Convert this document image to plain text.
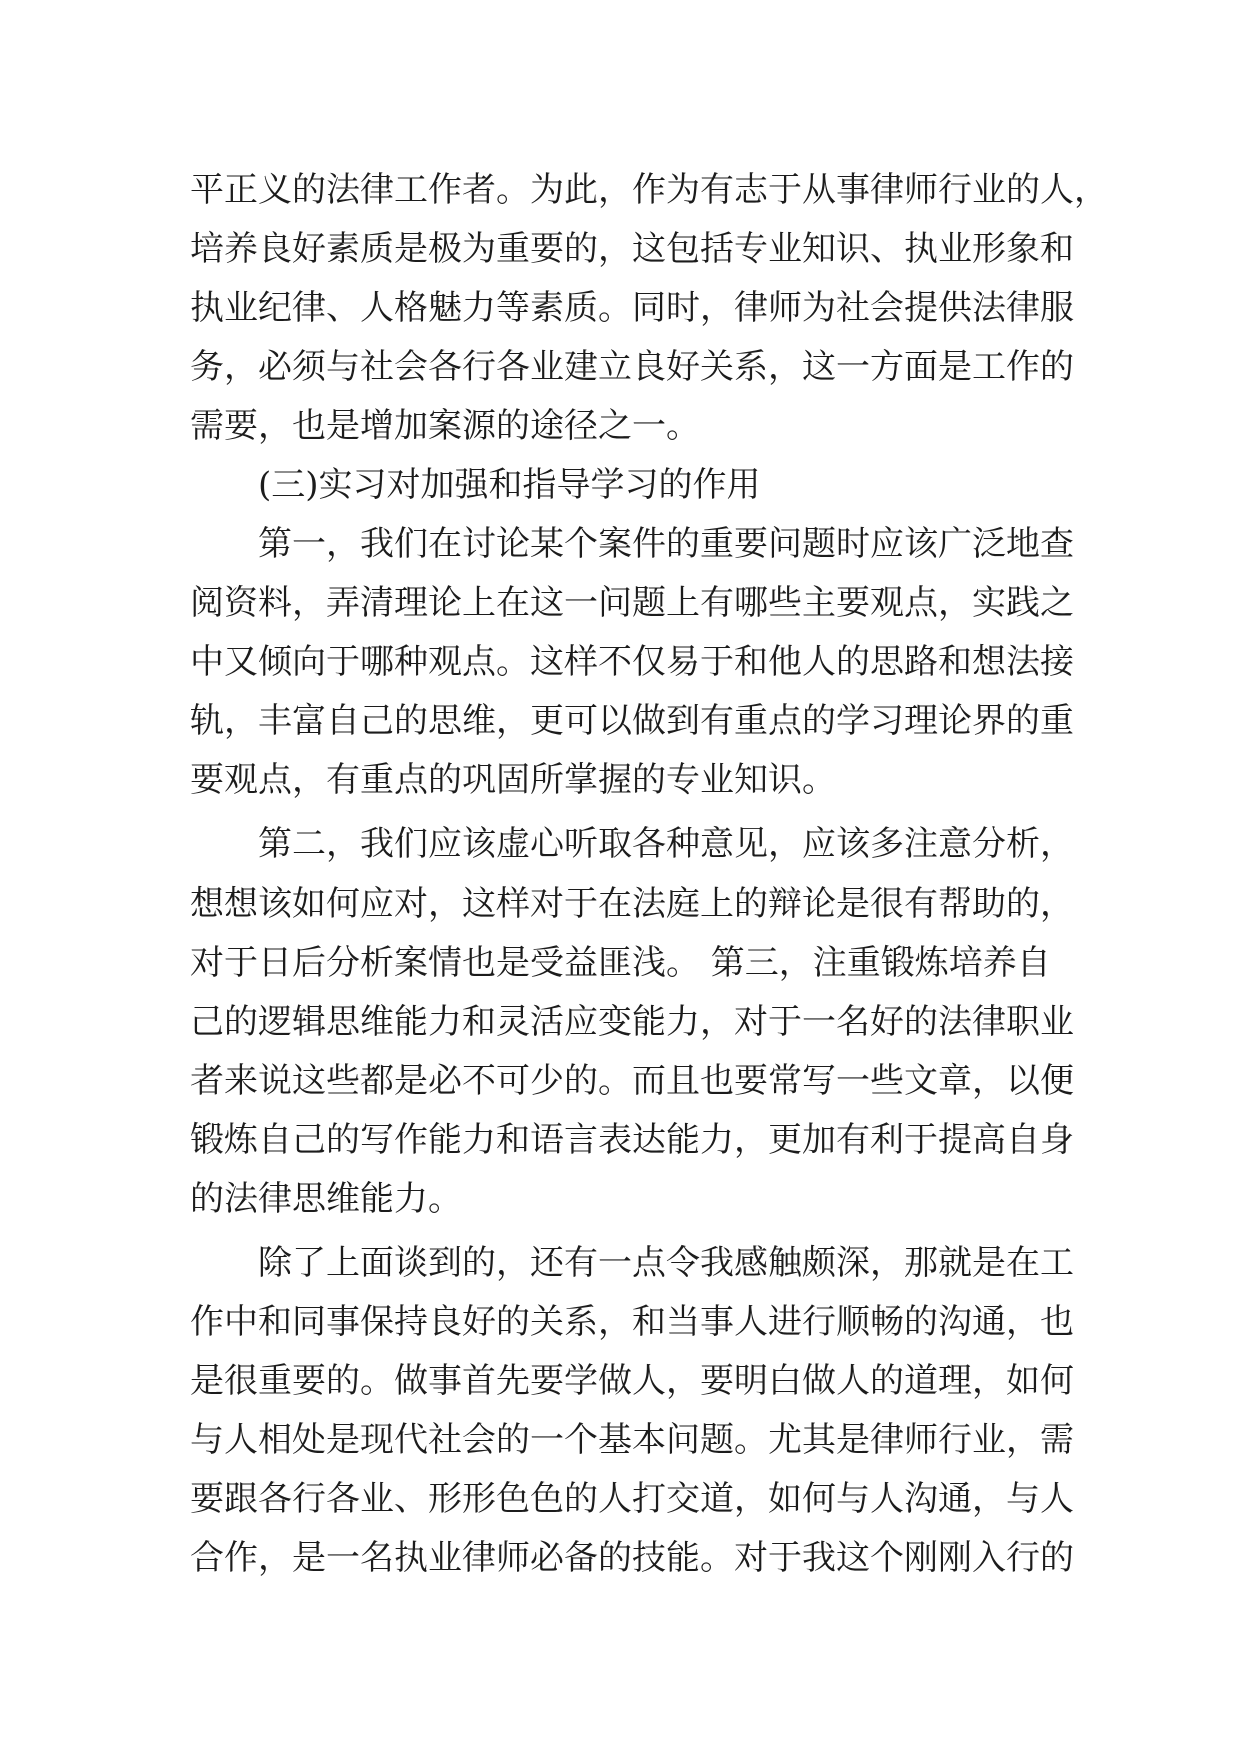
平正义的法律工作者。为此，作为有志于从事律师行业的人，
培养良好素质是极为重要的，这包括专业知识、执业形象和
执业纪律、人格魅力等素质。同时，律师为社会提供法律服
务，必须与社会各行各业建立良好关系，这一方面是工作的
需要，也是增加案源的途径之一。
(三)实习对加强和指导学习的作用
第一，我们在讨论某个案件的重要问题时应该广泛地查
阅资料，弄清理论上在这一问题上有哪些主要观点，实践之
中又倾向于哪种观点。这样不仅易于和他人的思路和想法接
轨，丰富自己的思维，更可以做到有重点的学习理论界的重
要观点，有重点的巩固所掌握的专业知识。
第二，我们应该虚心听取各种意见，应该多注意分析，
想想该如何应对，这样对于在法庭上的辩论是很有帮助的，
对于日后分析案情也是受益匪浅。 第三，注重锻炼培养自
己的逻辑思维能力和灵活应变能力，对于一名好的法律职业
者来说这些都是必不可少的。而且也要常写一些文章，以便
锻炼自己的写作能力和语言表达能力，更加有利于提高自身
的法律思维能力。
除了上面谈到的，还有一点令我感触颇深，那就是在工
作中和同事保持良好的关系，和当事人进行顺畅的沟通，也
是很重要的。做事首先要学做人，要明白做人的道理，如何
与人相处是现代社会的一个基本问题。尤其是律师行业，需
要跟各行各业、形形色色的人打交道，如何与人沟通，与人
合作，是一名执业律师必备的技能。对于我这个刚刚入行的
